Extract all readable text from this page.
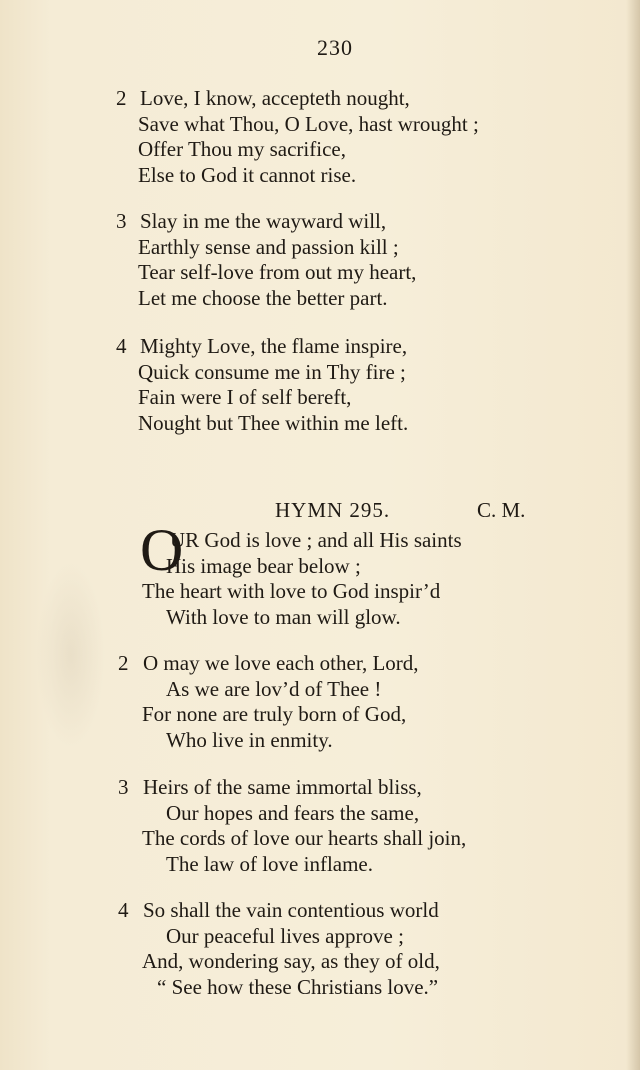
230
2 Love, I know, accepteth nought,
Save what Thou, O Love, hast wrought ;
Offer Thou my sacrifice,
Else to God it cannot rise.
3 Slay in me the wayward will,
Earthly sense and passion kill ;
Tear self-love from out my heart,
Let me choose the better part.
4 Mighty Love, the flame inspire,
Quick consume me in Thy fire ;
Fain were I of self bereft,
Nought but Thee within me left.
HYMN 295.	C. M.
O
UR God is love ; and all His saints
His image bear below ;
The heart with love to God inspir’d
With love to man will glow.
2 O may we love each other, Lord,
As we are lov’d of Thee !
For none are truly born of God,
Who live in enmity.
3 Heirs of the same immortal bliss,
Our hopes and fears the same,
The cords of love our hearts shall join,
The law of love inflame.
4 So shall the vain contentious world
Our peaceful lives approve ;
And, wondering say, as they of old,
“ See how these Christians love.”
